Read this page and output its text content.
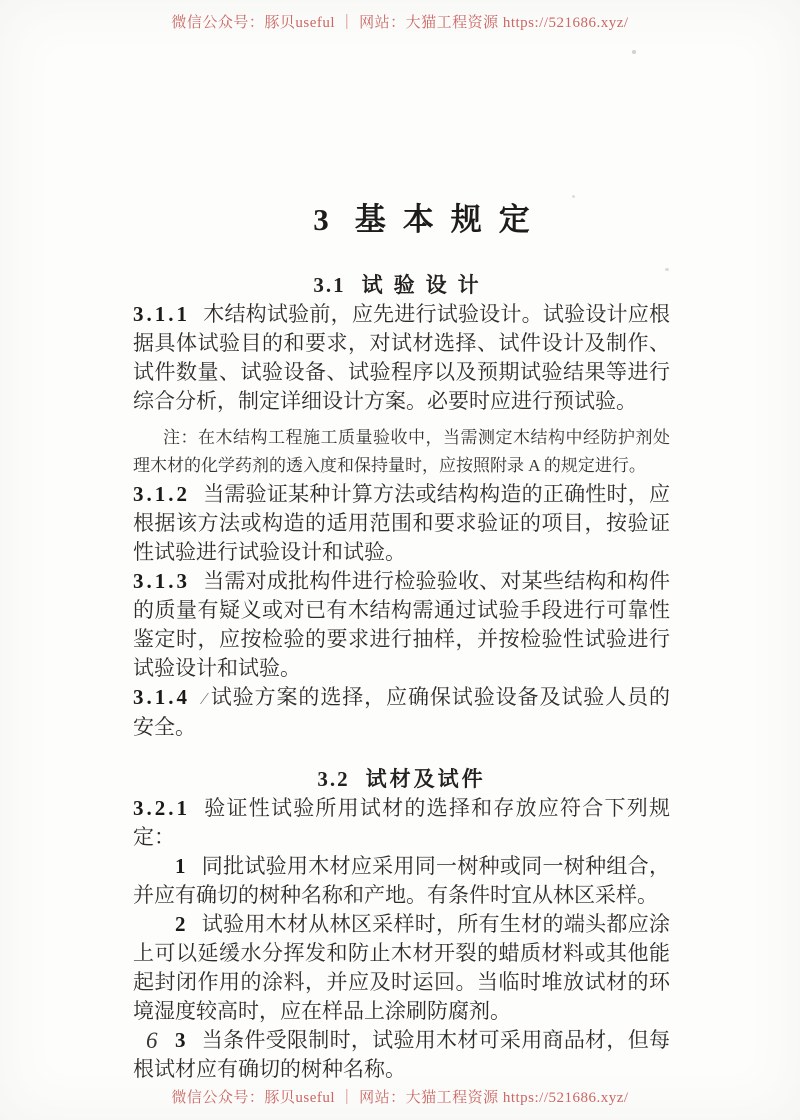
微信公众号：豚贝useful ｜ 网站：大猫工程资源 https://521686.xyz/
3 基本规定
3.1 试验设计

3.1.1 木结构试验前，应先进行试验设计。试验设计应根据具体试验目的和要求，对试材选择、试件设计及制作、试件数量、试验设备、试验程序以及预期试验结果等进行综合分析，制定详细设计方案。必要时应进行预试验。

注：在木结构工程施工质量验收中，当需测定木结构中经防护剂处理木材的化学药剂的透入度和保持量时，应按照附录 A 的规定进行。

3.1.2 当需验证某种计算方法或结构构造的正确性时，应根据该方法或构造的适用范围和要求验证的项目，按验证性试验进行试验设计和试验。

3.1.3 当需对成批构件进行检验验收、对某些结构和构件的质量有疑义或对已有木结构需通过试验手段进行可靠性鉴定时，应按检验的要求进行抽样，并按检验性试验进行试验设计和试验。

3.1.4 ∕ 试验方案的选择，应确保试验设备及试验人员的安全。

3.2 试材及试件

3.2.1 验证性试验所用试材的选择和存放应符合下列规定：

1 同批试验用木材应采用同一树种或同一树种组合，并应有确切的树种名称和产地。有条件时宜从林区采样。

2 试验用木材从林区采样时，所有生材的端头都应涂上可以延缓水分挥发和防止木材开裂的蜡质材料或其他能起封闭作用的涂料，并应及时运回。当临时堆放试材的环境湿度较高时，应在样品上涂刷防腐剂。

3 当条件受限制时，试验用木材可采用商品材，但每根试材应有确切的树种名称。

6
微信公众号：豚贝useful ｜ 网站：大猫工程资源 https://521686.xyz/
